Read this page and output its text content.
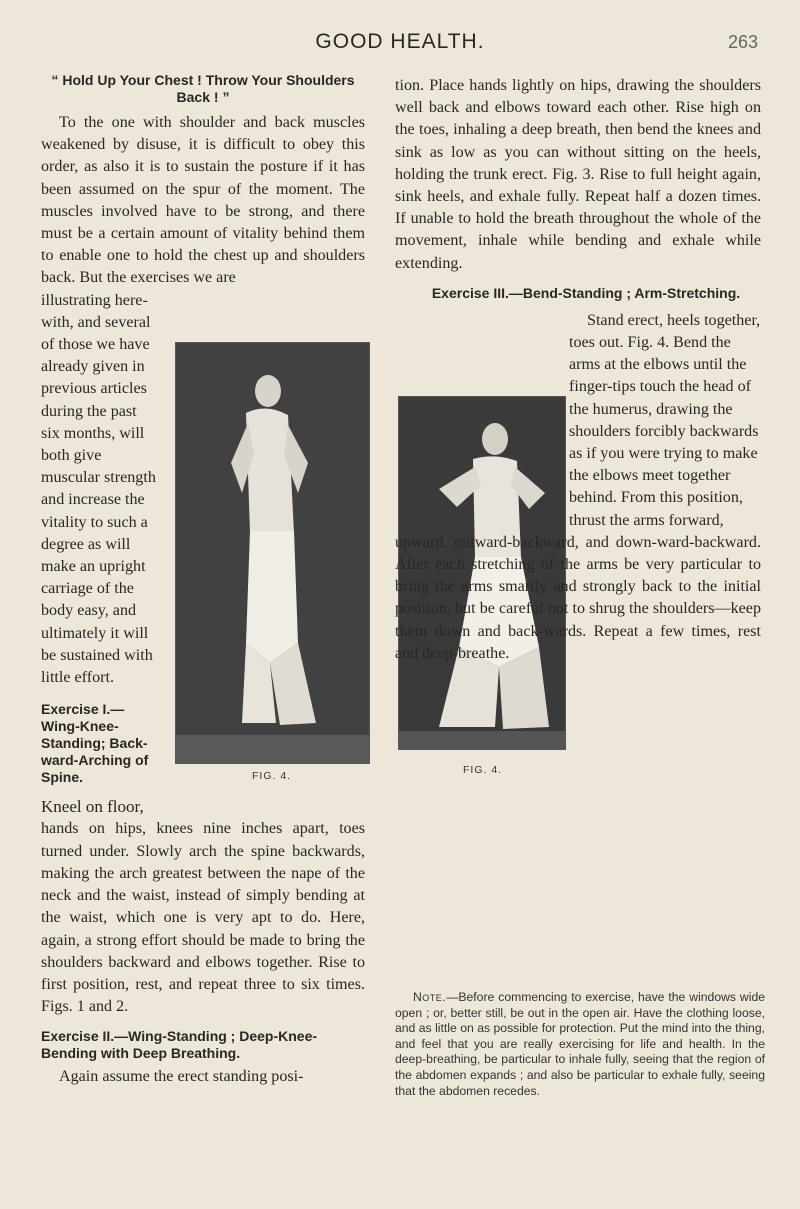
GOOD HEALTH.	263
FIG. 4.	FIG. 4.
“ Hold Up Your Chest ! Throw Your Shoulders Back ! ”

To the one with shoulder and back muscles weakened by disuse, it is difficult to obey this order, as also it is to sustain the posture if it has been assumed on the spur of the moment. The muscles involved have to be strong, and there must be a certain amount of vitality behind them to enable one to hold the chest up and shoulders back. But the exercises we are

illustrating here-with, and several of those we have already given in previous articles during the past six months, will both give muscular strength and increase the vitality to such a degree as will make an upright carriage of the body easy, and ultimately it will be sustained with little effort.

Exercise I.— Wing-Knee-Standing; Back-ward-Arching of Spine.

Kneel on floor,

hands on hips, knees nine inches apart, toes turned under. Slowly arch the spine backwards, making the arch greatest between the nape of the neck and the waist, instead of simply bending at the waist, which one is very apt to do. Here, again, a strong effort should be made to bring the shoulders backward and elbows together. Rise to first position, rest, and repeat three to six times. Figs. 1 and 2.

Exercise II.—Wing-Standing ; Deep-Knee-Bending with Deep Breathing.

Again assume the erect standing posi-

tion. Place hands lightly on hips, drawing the shoulders well back and elbows toward each other. Rise high on the toes, inhaling a deep breath, then bend the knees and sink as low as you can without sitting on the heels, holding the trunk erect. Fig. 3. Rise to full height again, sink heels, and exhale fully. Repeat half a dozen times. If unable to hold the breath throughout the whole of the movement, inhale while bending and exhale while extending.

Exercise III.—Bend-Standing ; Arm-Stretching.

Stand erect, heels together, toes out. Fig. 4. Bend the arms at the elbows until the finger-tips touch the head of the humerus, drawing the shoulders forcibly backwards as if you were trying to make the elbows meet together behind. From this position, thrust the arms forward,

upward, outward-backward, and down-ward-backward. After each stretching of the arms be very particular to bring the arms smartly and strongly back to the initial position, but be careful not to shrug the shoulders—keep them down and back-wards. Repeat a few times, rest and deep-breathe.

Note.—Before commencing to exercise, have the windows wide open ; or, better still, be out in the open air. Have the clothing loose, and as little on as possible for protection. Put the mind into the thing, and feel that you are really exercising for life and health. In the deep-breathing, be particular to inhale fully, seeing that the region of the abdomen expands ; and also be particular to exhale fully, seeing that the abdomen recedes.
